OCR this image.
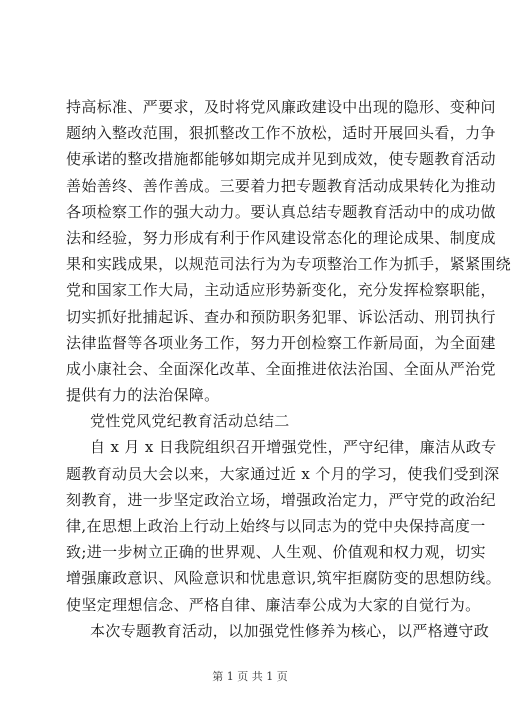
持高标准、严要求，及时将党风廉政建设中出现的隐形、变种问
题纳入整改范围，狠抓整改工作不放松，适时开展回头看，力争
使承诺的整改措施都能够如期完成并见到成效，使专题教育活动
善始善终、善作善成。三要着力把专题教育活动成果转化为推动
各项检察工作的强大动力。要认真总结专题教育活动中的成功做
法和经验，努力形成有利于作风建设常态化的理论成果、制度成
果和实践成果，以规范司法行为为专项整治工作为抓手，紧紧围绕
党和国家工作大局，主动适应形势新变化，充分发挥检察职能，
切实抓好批捕起诉、查办和预防职务犯罪、诉讼活动、刑罚执行
法律监督等各项业务工作，努力开创检察工作新局面，为全面建
成小康社会、全面深化改革、全面推进依法治国、全面从严治党
提供有力的法治保障。
党性党风党纪教育活动总结二
自 x 月 x 日我院组织召开增强党性，严守纪律，廉洁从政专
题教育动员大会以来，大家通过近 x 个月的学习，使我们受到深
刻教育，进一步坚定政治立场，增强政治定力，严守党的政治纪
律,在思想上政治上行动上始终与以同志为的党中央保持高度一
致;进一步树立正确的世界观、人生观、价值观和权力观，切实
增强廉政意识、风险意识和忧患意识,筑牢拒腐防变的思想防线。
使坚定理想信念、严格自律、廉洁奉公成为大家的自觉行为。
本次专题教育活动，以加强党性修养为核心，以严格遵守政
第 1 页 共 1 页
